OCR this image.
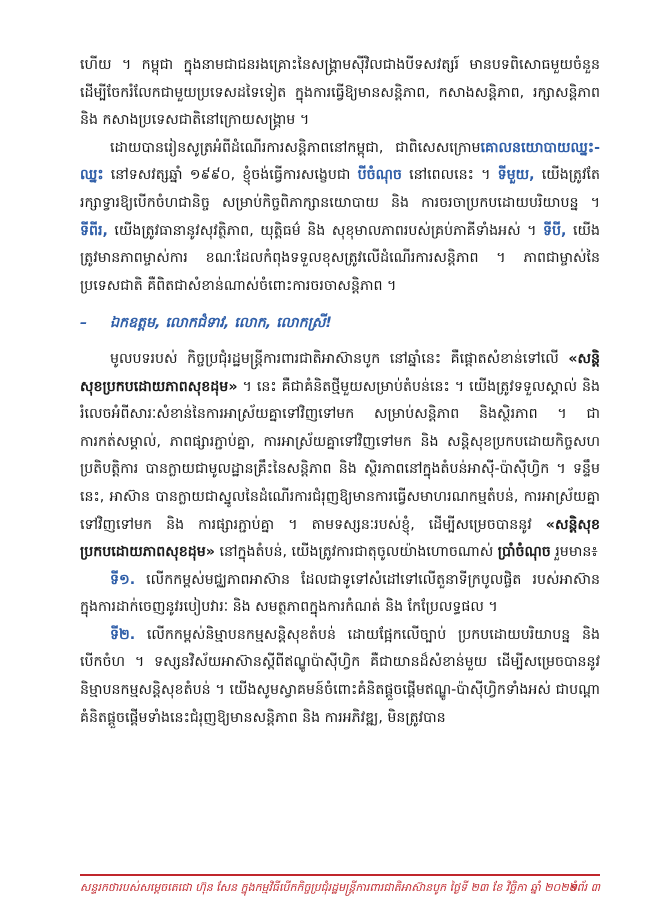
ហើយ ។ កម្ពុជា ក្នុងនាមជាជនរងគ្រោះនៃសង្គ្រាមស៊ីវិលជាងបីទសវត្សរ៍ មានបទពិសោធមួយចំនួន ដើម្បីចែករំលែកជាមួយប្រទេសដទៃទៀត ក្នុងការធ្វើឱ្យមានសន្តិភាព, កសាងសន្តិភាព, រក្សាសន្តិភាព និង កសាងប្រទេសជាតិនៅក្រោយសង្គ្រាម ។

ដោយបានរៀនសូត្រអំពីដំណើរការសន្តិភាពនៅកម្ពុជា, ជាពិសេសក្រោមគោលនយោបាយឈ្នះ-ឈ្នះ នៅទសវត្សឆ្នាំ ១៩៩០, ខ្ញុំចង់ធ្វើការសង្ខេបជា បីចំណុច នៅពេលនេះ ។ ទីមួយ, យើងត្រូវតែរក្សាទ្វារឱ្យបើកចំហជានិច្ច សម្រាប់កិច្ចពិភាក្សានយោបាយ និង ការចរចាប្រកបដោយបរិយាបន្ន ។ ទីពីរ, យើងត្រូវធានានូវសុវត្ថិភាព, យុត្តិធម៌ និង សុខុមាលភាពរបស់គ្រប់ភាគីទាំងអស់ ។ ទីបី, យើងត្រូវមានភាពម្ចាស់ការ ខណៈដែលកំពុងទទួលខុសត្រូវលើដំណើរការសន្តិភាព ។ ភាពជាម្ចាស់នៃប្រទេសជាតិ គឺពិតជាសំខាន់ណាស់ចំពោះការចរចាសន្តិភាព ។

– ឯកឧត្តម, លោកជំទាវ, លោក, លោកស្រី!

មូលបទរបស់ កិច្ចប្រជុំរដ្ឋមន្ត្រីការពារជាតិអាស៊ានបូក នៅឆ្នាំនេះ គឺផ្តោតសំខាន់ទៅលើ «សន្តិសុខប្រកបដោយភាពសុខដុម» ។ នេះ គឺជាគំនិតថ្មីមួយសម្រាប់តំបន់នេះ ។ យើងត្រូវទទួលស្គាល់ និង រំលេចអំពីសារៈសំខាន់នៃការអាស្រ័យគ្នាទៅវិញទៅមក សម្រាប់សន្តិភាព និងស្ថិរភាព ។ ជាការកត់សម្គាល់, ភាពផ្សារភ្ជាប់គ្នា, ការអាស្រ័យគ្នាទៅវិញទៅមក និង សន្តិសុខប្រកបដោយកិច្ចសហប្រតិបត្តិការ បានក្លាយជាមូលដ្ឋានគ្រឹះនៃសន្តិភាព និង ស្ថិរភាពនៅក្នុងតំបន់អាស៊ី-ប៉ាស៊ីហ្វិក ។ ទន្ទឹមនេះ, អាស៊ាន បានក្លាយជាស្នូលនៃដំណើរការជំរុញឱ្យមានការធ្វើសមាហរណកម្មតំបន់, ការអាស្រ័យគ្នាទៅវិញទៅមក និង ការផ្សារភ្ជាប់គ្នា ។ តាមទស្សនៈរបស់ខ្ញុំ, ដើម្បីសម្រេចបាននូវ «សន្តិសុខប្រកបដោយភាពសុខដុម» នៅក្នុងតំបន់, យើងត្រូវការជាតុចូលយ៉ាងហោចណាស់ ប្រាំចំណុច រួមមាន៖

ទី១. លើកកម្ពស់មជ្ឈភាពអាស៊ាន ដែលជាទូទៅសំដៅទៅលើតួនាទីក្របូលផ្ចិត របស់អាស៊ាន ក្នុងការដាក់ចេញនូវរបៀបវារៈ និង សមត្ថភាពក្នុងការកំណត់ និង កែប្រែលទ្ធផល ។

ទី២. លើកកម្ពស់និម្មាបនកម្មសន្តិសុខតំបន់ ដោយផ្អែកលើច្បាប់ ប្រកបដោយបរិយាបន្ន និង បើកចំហ ។ ទស្សនវិស័យអាស៊ានស្តីពីឥណ្ឌូប៉ាស៊ីហ្វិក គឺជាយានដ៏សំខាន់មួយ ដើម្បីសម្រេចបាននូវនិម្មាបនកម្មសន្តិសុខតំបន់ ។ យើងសូមស្វាគមន៍ចំពោះគំនិតផ្តួចផ្តើមឥណ្ឌូ-ប៉ាស៊ីហ្វិកទាំងអស់ ជាបណ្តាគំនិតផ្តួចផ្តើមទាំងនេះជំរុញឱ្យមានសន្តិភាព និង ការអភិវឌ្ឍ, មិនត្រូវបាន

សន្ទរកថារបស់សម្តេចតេជោ ហ៊ុន សែន ក្នុងកម្មវិធីបើកកិច្ចប្រជុំរដ្ឋមន្ត្រីការពារជាតិអាស៊ានបូក ថ្ងៃទី ២៣ ខែ វិច្ឆិកា ឆ្នាំ ២០២២
ទំព័រ ៣
